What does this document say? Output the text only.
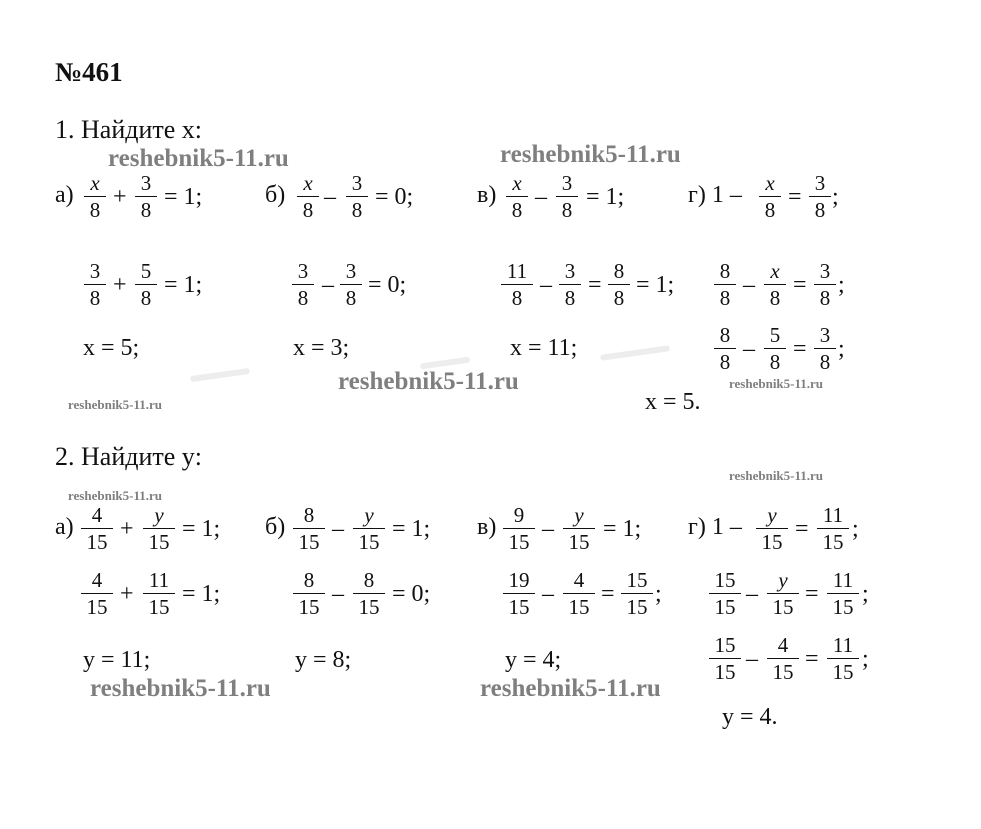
№461
reshebnik5-11.ru	reshebnik5-11.ru
reshebnik5-11.ru
reshebnik5-11.ru
reshebnik5-11.ru
reshebnik5-11.ru
reshebnik5-11.ru
reshebnik5-11.ru	reshebnik5-11.ru
1. Найдите x:
а) x
8 +
3
8 = 1;
3
8 +
5
8 = 1;
x = 5;
б) x
8 –
3
8 = 0;
3
8 –
3
8 = 0;
x = 3;
в) x
8 –
3
8 = 1;
11
8 –
3
8 =
8
8 = 1;
x = 11;
г) 1 –	x
8 =
3
8 ;
8
8 –
x
8 =
3
8 ;
8
8 –
5
8 =
3
8 ;
x = 5.
2. Найдите y:
а) 4
15 +
y
15 = 1;
4
15 +
11
15 = 1;
y = 11;
б) 8
15 –
y
15 = 1;
8
15 –
8
15 = 0;
y = 8;
в) 9
15 –
y
15 = 1;
19
15 –
4
15 =
15
15 ;
y = 4;
г) 1 –	y
15 =
11
15 ;
15
15 –
y
15 =
11
15 ;
15
15 –
4
15 =
11
15 ;
y = 4.
